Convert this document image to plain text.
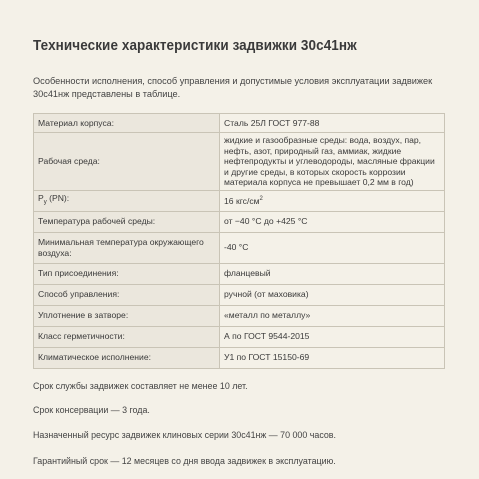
Технические характеристики задвижки 30с41нж
Особенности исполнения, способ управления и допустимые условия эксплуатации задвижек 30с41нж представлены в таблице.
Материал корпуса:	Сталь 25Л ГОСТ 977-88
Рабочая среда:	жидкие и газообразные среды: вода, воздух, пар, нефть, азот, природный газ, аммиак, жидкие нефтепродукты и углеводороды, масляные фракции и другие среды, в которых скорость коррозии материала корпуса не превышает 0,2 мм в год)
$P_у$ (PN):	16 кгс/$см^2$
Температура рабочей среды:	от −40 °С до +425 °С
Минимальная температура окружающего воздуха:	-40 °С
Тип присоединения:	фланцевый
Способ управления:	ручной (от маховика)
Уплотнение в затворе:	«металл по металлу»
Класс герметичности:	А по ГОСТ 9544-2015
Климатическое исполнение:	У1 по ГОСТ 15150-69

Срок службы задвижек составляет не менее 10 лет.

Срок консервации — 3 года.

Назначенный ресурс задвижек клиновых серии 30с41нж — 70 000 часов.

Гарантийный срок — 12 месяцев со дня ввода задвижек в эксплуатацию.
